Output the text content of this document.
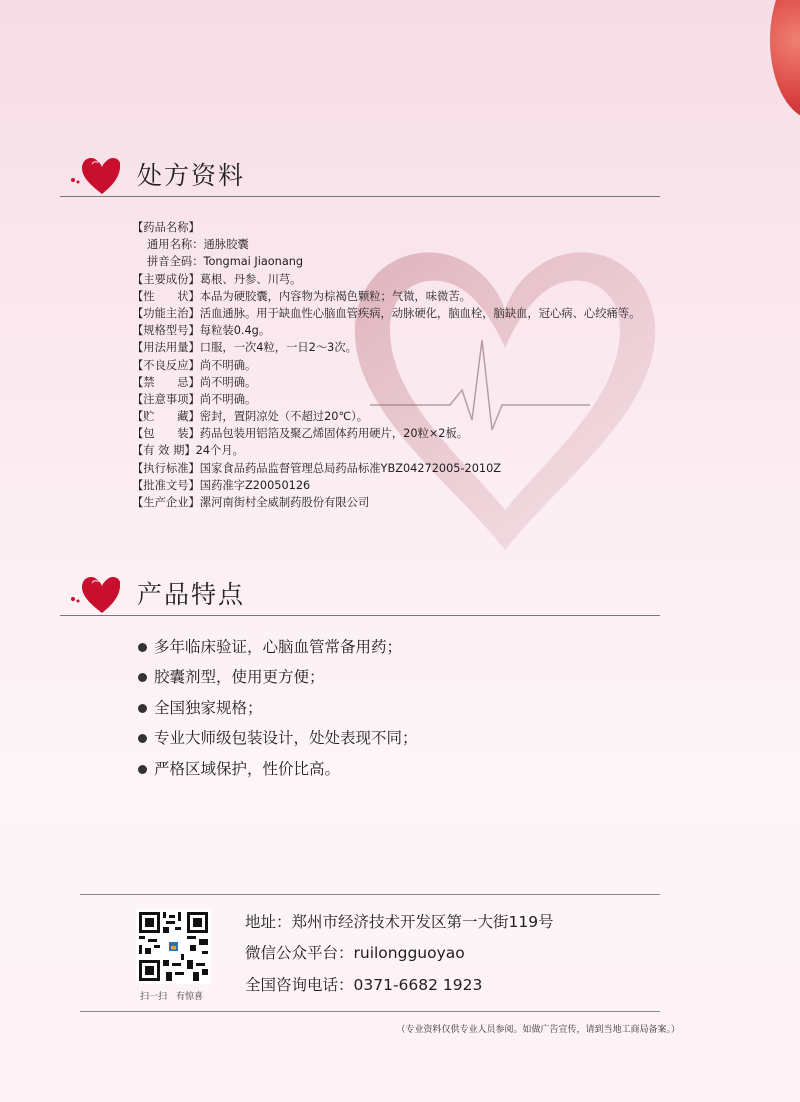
处方资料
【药品名称】
通用名称：通脉胶囊
拼音全码：Tongmai Jiaonang
【主要成份】葛根、丹参、川芎。
【性　　状】本品为硬胶囊，内容物为棕褐色颗粒；气微，味微苦。
【功能主治】活血通脉。用于缺血性心脑血管疾病，动脉硬化，脑血栓，脑缺血，冠心病、心绞痛等。
【规格型号】每粒装0.4g。
【用法用量】口服，一次4粒，一日2～3次。
【不良反应】尚不明确。
【禁　　忌】尚不明确。
【注意事项】尚不明确。
【贮　　藏】密封，置阴凉处（不超过20℃）。
【包　　装】药品包装用铝箔及聚乙烯固体药用硬片，20粒×2板。
【有 效 期】24个月。
【执行标准】国家食品药品监督管理总局药品标准YBZ04272005-2010Z
【批准文号】国药准字Z20050126
【生产企业】漯河南街村全威制药股份有限公司
产品特点
多年临床验证，心脑血管常备用药；
胶囊剂型，使用更方便；
全国独家规格；
专业大师级包装设计，处处表现不同；
严格区域保护，性价比高。
扫一扫　有惊喜
地址：郑州市经济技术开发区第一大街119号
微信公众平台：ruilongguoyao
全国咨询电话：0371-6682 1923
（专业资料仅供专业人员参阅。如做广告宣传，请到当地工商局备案。）
